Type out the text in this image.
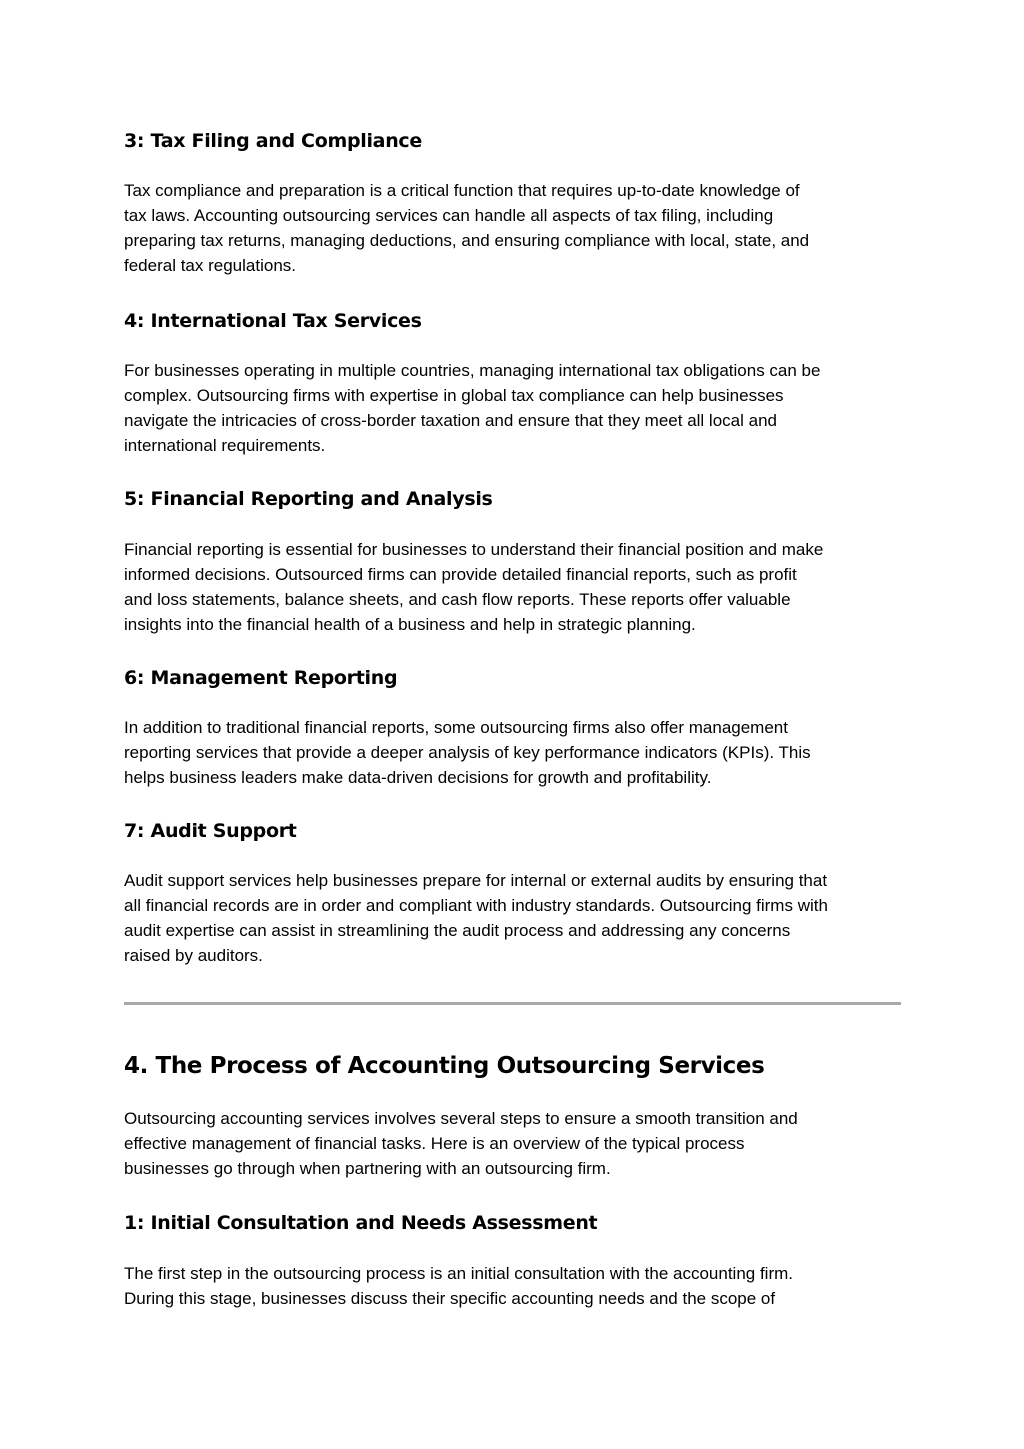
3: Tax Filing and Compliance

Tax compliance and preparation is a critical function that requires up-to-date knowledge of
tax laws. Accounting outsourcing services can handle all aspects of tax filing, including
preparing tax returns, managing deductions, and ensuring compliance with local, state, and
federal tax regulations.

4: International Tax Services

For businesses operating in multiple countries, managing international tax obligations can be
complex. Outsourcing firms with expertise in global tax compliance can help businesses
navigate the intricacies of cross-border taxation and ensure that they meet all local and
international requirements.

5: Financial Reporting and Analysis

Financial reporting is essential for businesses to understand their financial position and make
informed decisions. Outsourced firms can provide detailed financial reports, such as profit
and loss statements, balance sheets, and cash flow reports. These reports offer valuable
insights into the financial health of a business and help in strategic planning.

6: Management Reporting

In addition to traditional financial reports, some outsourcing firms also offer management
reporting services that provide a deeper analysis of key performance indicators (KPIs). This
helps business leaders make data-driven decisions for growth and profitability.

7: Audit Support

Audit support services help businesses prepare for internal or external audits by ensuring that
all financial records are in order and compliant with industry standards. Outsourcing firms with
audit expertise can assist in streamlining the audit process and addressing any concerns
raised by auditors.

4. The Process of Accounting Outsourcing Services

Outsourcing accounting services involves several steps to ensure a smooth transition and
effective management of financial tasks. Here is an overview of the typical process
businesses go through when partnering with an outsourcing firm.

1: Initial Consultation and Needs Assessment

The first step in the outsourcing process is an initial consultation with the accounting firm.
During this stage, businesses discuss their specific accounting needs and the scope of
